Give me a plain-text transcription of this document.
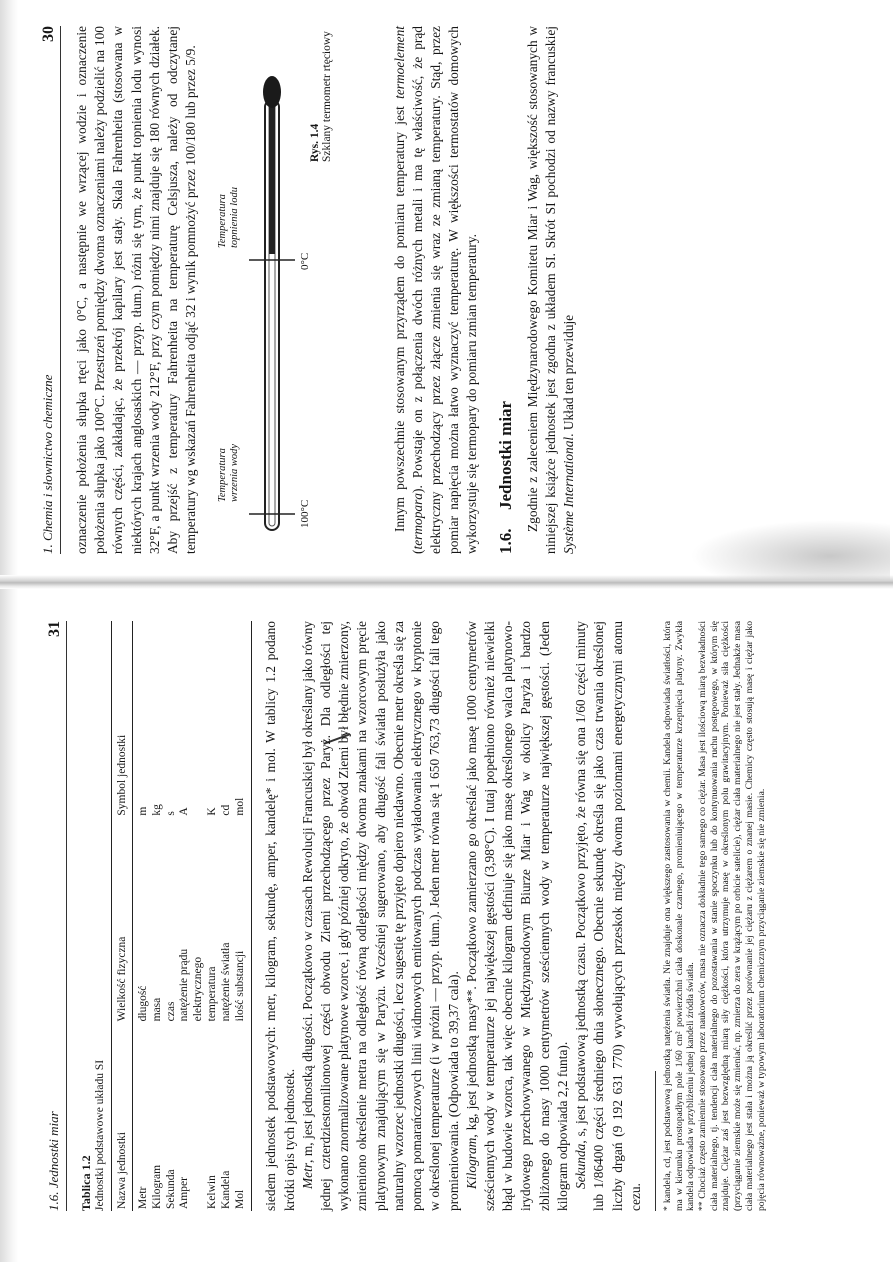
1. Chemia i słownictwo chemiczne
30 oznaczenie położenia słupka rtęci jako 0°C, a następnie we wrzącej wodzie i oznaczenie położenia słupka jako 100°C. Przestrzeń pomiędzy dwoma oznaczeniami należy podzielić na 100 równych części, zakładając, że przekrój kapilary jest stały. Skala Fahrenheita (stosowana w niektórych krajach anglosaskich — przyp. tłum.) różni się tym, że punkt topnienia lodu wynosi 32°F, a punkt wrzenia wody 212°F, przy czym pomiędzy nimi znajduje się 180 równych działek. Aby przejść z temperatury Fahrenheita na temperaturę Celsjusza, należy od odczytanej temperatury wg wskazań Fahrenheita odjąć 32 i wynik pomnożyć przez 100/180 lub przez 5/9.	100°C
0°C
Temperatura wrzenia wody
Temperatura topnienia lodu
Rys. 1.4 Szklany termometr rtęciowy

Innym powszechnie stosowanym przyrządem do pomiaru temperatury jest termoelement (termopara). Powstaje on z połączenia dwóch różnych metali i ma tę właściwość, że prąd elektryczny przechodzący przez złącze zmienia się wraz ze zmianą temperatury. Stąd, przez pomiar napięcia można łatwo wyznaczyć temperaturę. W większości termostatów domowych wykorzystuje się termopary do pomiaru zmian temperatury. 1.6.Jednostki miar Zgodnie z zaleceniem Międzynarodowego Komitetu Miar i Wag, większość stosowanych w niniejszej książce jednostek jest zgodna z układem SI. Skrót SI pochodzi od nazwy francuskiej Système International. Układ ten przewiduje

1.6. Jednostki miar
31
Tablica 1.2
Jednostki podstawowe układu SI Nazwa jednostki	Wielkość fizyczna	Symbol jednostki
Metr	długość	m
Kilogram	masa	kg
Sekunda	czas	s
Amper	natężenie prądu	A
	elektrycznego	
Kelwin	temperatura	K
Kandela	natężenie światła	cd
Mol	ilość substancji	mol siedem jednostek podstawowych: metr, kilogram, sekundę, amper, kandelę* i mol. W tablicy 1.2 podano krótki opis tych jednostek. Metr, m, jest jednostką długości. Początkowo w czasach Rewolucji Francuskiej był określany jako równy jednej czterdziestomilionowej części obwodu Ziemi przechodzącego przez Paryż. Dla odległości tej wykonano znormalizowane platynowe wzorce, i gdy później odkryto, że obwód Ziemi był błędnie zmierzony, zmieniono określenie metra na odległość równą odległości między dwoma znakami na wzorcowym pręcie platynowym znajdującym się w Paryżu. Wcześniej sugerowano, aby długość fali światła posłużyła jako naturalny wzorzec jednostki długości, lecz sugestię tę przyjęto dopiero niedawno. Obecnie metr określa się za pomocą pomarańczowych linii widmowych emitowanych podczas wyładowania elektrycznego w kryptonie w określonej temperaturze (i w próżni — przyp. tłum.). Jeden metr równa się 1 650 763,73 długości fali tego promieniowania. (Odpowiada to 39,37 cala). Kilogram, kg, jest jednostką masy**. Początkowo zamierzano go określać jako masę 1000 centymetrów sześciennych wody w temperaturze jej największej gęstości (3,98°C). I tutaj popełniono również niewielki błąd w budowie wzorca, tak więc obecnie kilogram definiuje się jako masę określonego walca platynowo-irydowego przechowywanego w Międzynarodowym Biurze Miar i Wag w okolicy Paryża i bardzo zbliżonego do masy 1000 centymetrów sześciennych wody w temperaturze największej gęstości. (Jeden kilogram odpowiada 2,2 funta). Sekunda, s, jest podstawową jednostką czasu. Początkowo przyjęto, że równa się ona 1/60 części minuty lub 1/86400 części średniego dnia słonecznego. Obecnie sekundę określa się jako czas trwania określonej liczby drgań (9 192 631 770) wywołujących przeskok między dwoma poziomami energetycznymi atomu cezu. * kandela, cd, jest podstawową jednostką natężenia światła. Nie znajduje ona większego zastosowania w chemii. Kandela odpowiada światłości, która ma w kierunku prostopadłym pole 1/60 cm² powierzchni ciała doskonale czarnego, promieniującego w temperaturze krzepnięcia platyny. Zwykła kandela odpowiada w przybliżeniu jednej kandeli źródła światła. ** Chociaż często zamiennie stosowano przez naukowców, masa nie oznacza dokładnie tego samego co ciężar. Masa jest ilościową miarą bezwładności ciała materialnego, tj. tendencji ciała materialnego do pozostawania w stanie spoczynku lub do kontynuowania ruchu postępowego, w którym się znajduje. Ciężar zaś jest bezwzględną miarą siły ciężkości, która utrzymuje masę w określonym polu grawitacyjnym. Ponieważ siła ciężkości (przyciąganie ziemskie może się zmieniać, np. zmierza do zera w krążącym po orbicie satelicie), ciężar ciała materialnego nie jest stały. Jednakże masa ciała materialnego jest stała i można ją określić przez porównanie jej ciężaru z ciężarem o znanej masie. Chemicy często stosują masę i ciężar jako pojęcia równoważne, ponieważ w typowym laboratorium chemicznym przyciąganie ziemskie się nie zmienia.
